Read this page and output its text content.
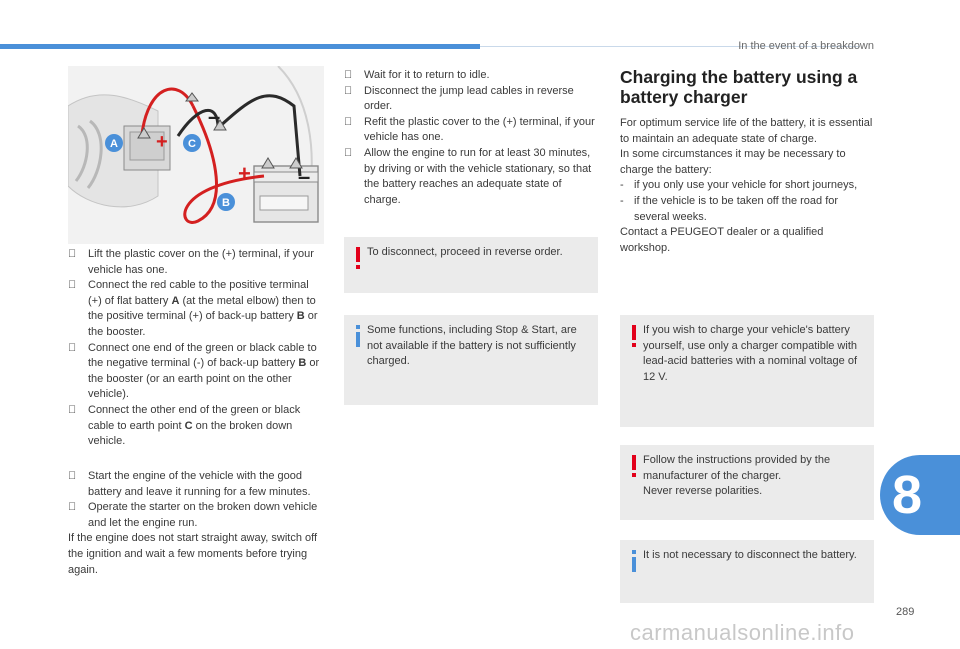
In the event of a breakdown
+
–
+ –
A	C
B

Lift the plastic cover on the (+) terminal, if your vehicle has one.

Connect the red cable to the positive terminal (+) of flat battery A (at the metal elbow) then to the positive terminal (+) of back-up battery B or the booster.

Connect one end of the green or black cable to the negative terminal (-) of back-up battery B or the booster (or an earth point on the other vehicle).

Connect the other end of the green or black cable to earth point C on the broken down vehicle.

Start the engine of the vehicle with the good battery and leave it running for a few minutes.

Operate the starter on the broken down vehicle and let the engine run.

If the engine does not start straight away, switch off the ignition and wait a few moments before trying again.

Wait for it to return to idle.

Disconnect the jump lead cables in reverse order.

Refit the plastic cover to the (+) terminal, if your vehicle has one.

Allow the engine to run for at least 30 minutes, by driving or with the vehicle stationary, so that the battery reaches an adequate state of charge.

To disconnect, proceed in reverse order.

Some functions, including Stop & Start, are not available if the battery is not sufficiently charged.

Charging the battery using a battery charger

For optimum service life of the battery, it is essential to maintain an adequate state of charge.

In some circumstances it may be necessary to charge the battery:

- if you only use your vehicle for short journeys,

- if the vehicle is to be taken off the road for several weeks.

Contact a PEUGEOT dealer or a qualified workshop.

If you wish to charge your vehicle's battery yourself, use only a charger compatible with lead-acid batteries with a nominal voltage of 12 V.

Follow the instructions provided by the manufacturer of the charger.

Never reverse polarities.

It is not necessary to disconnect the battery.

8
289
carmanualsonline.info
